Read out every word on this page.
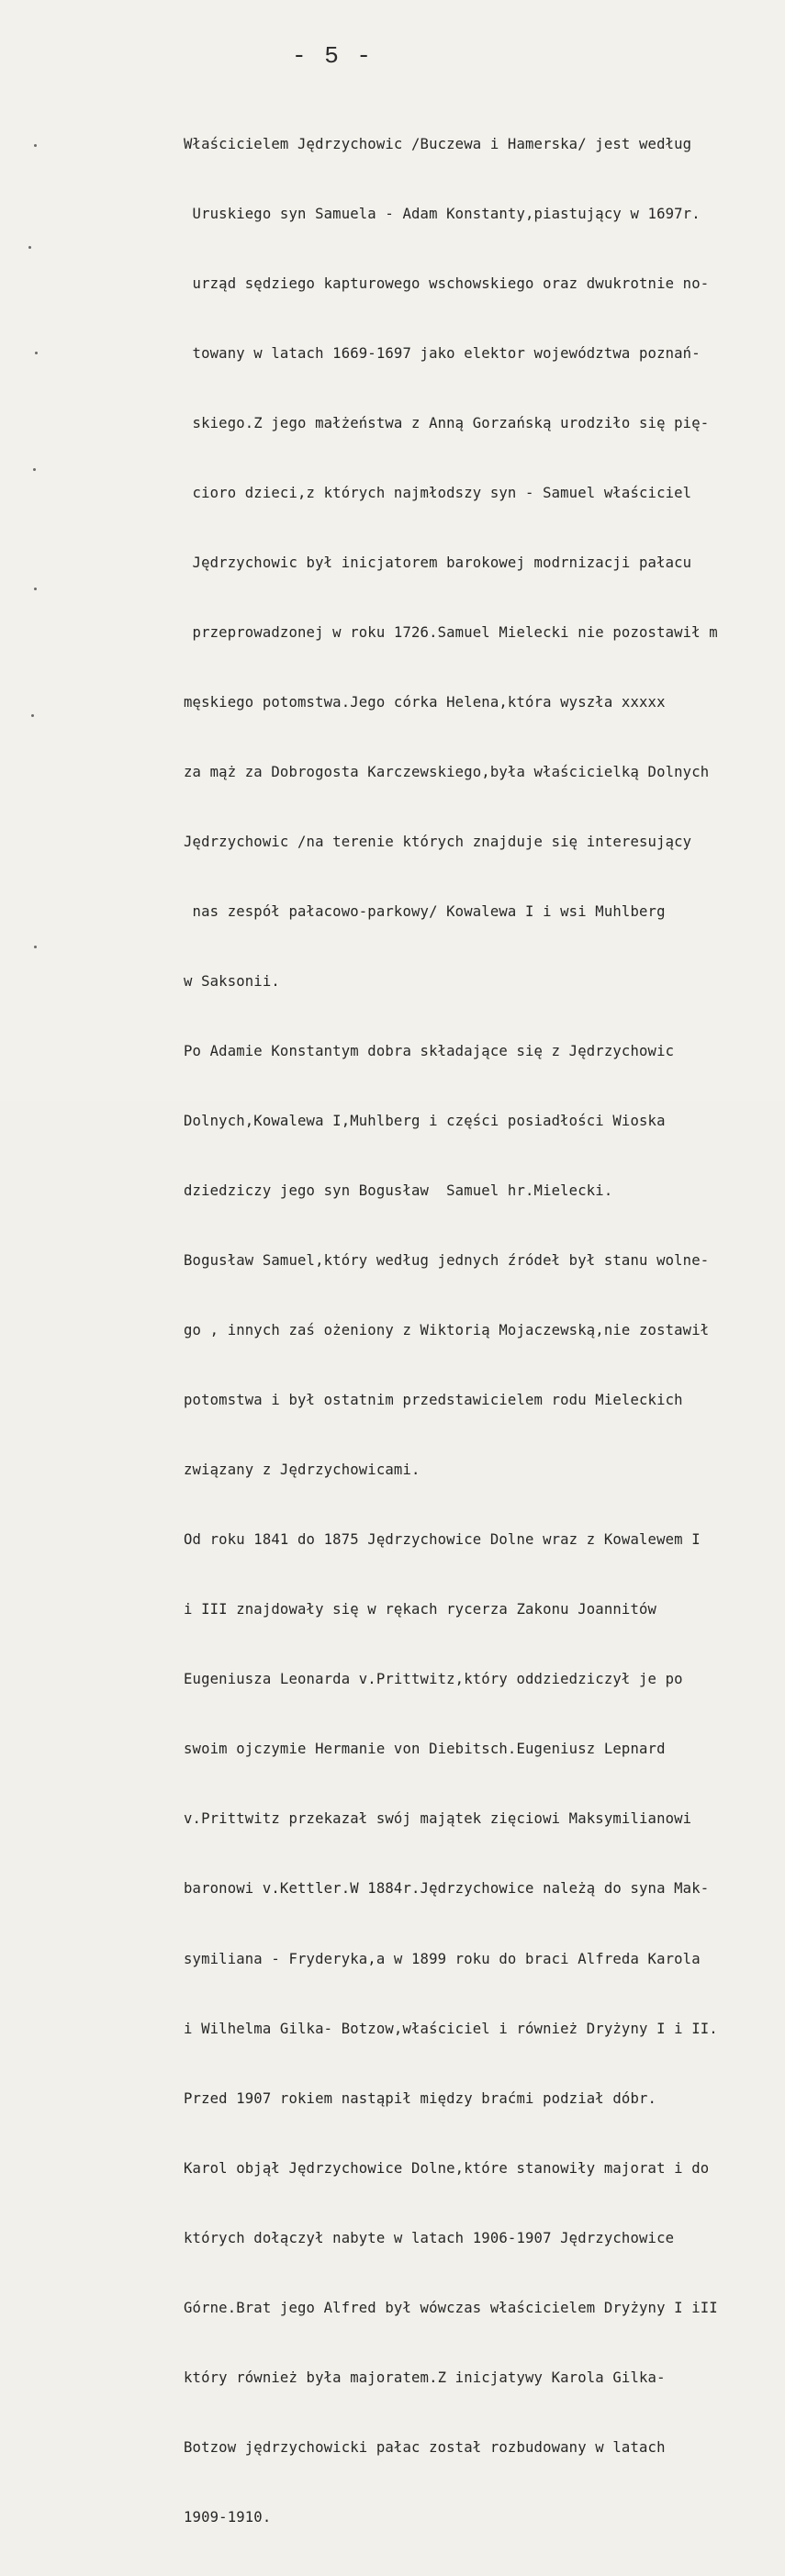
- 5 -

Właścicielem Jędrzychowic /Buczewa i Hamerska/ jest według

Uruskiego syn Samuela - Adam Konstanty,piastujący w 1697r.

urząd sędziego kapturowego wschowskiego oraz dwukrotnie no-

towany w latach 1669-1697 jako elektor województwa poznań-

skiego.Z jego małżeństwa z Anną Gorzańską urodziło się pię-

cioro dzieci,z których najmłodszy syn - Samuel właściciel

Jędrzychowic był inicjatorem barokowej modrnizacji pałacu

przeprowadzonej w roku 1726.Samuel Mielecki nie pozostawił m

męskiego potomstwa.Jego córka Helena,która wyszła xxxxx

za mąż za Dobrogosta Karczewskiego,była właścicielką Dolnych

Jędrzychowic /na terenie których znajduje się interesujący

nas zespół pałacowo-parkowy/ Kowalewa I i wsi Muhlberg

w Saksonii.

Po Adamie Konstantym dobra składające się z Jędrzychowic

Dolnych,Kowalewa I,Muhlberg i części posiadłości Wioska

dziedziczy jego syn Bogusław  Samuel hr.Mielecki.

Bogusław Samuel,który według jednych źródeł był stanu wolne-

go , innych zaś ożeniony z Wiktorią Mojaczewską,nie zostawił

potomstwa i był ostatnim przedstawicielem rodu Mieleckich

związany z Jędrzychowicami.

Od roku 1841 do 1875 Jędrzychowice Dolne wraz z Kowalewem I

i III znajdowały się w rękach rycerza Zakonu Joannitów

Eugeniusza Leonarda v.Prittwitz,który oddziedziczył je po

swoim ojczymie Hermanie von Diebitsch.Eugeniusz Lepnard

v.Prittwitz przekazał swój majątek zięciowi Maksymilianowi

baronowi v.Kettler.W 1884r.Jędrzychowice należą do syna Mak-

symiliana - Fryderyka,a w 1899 roku do braci Alfreda Karola

i Wilhelma Gilka- Botzow,właściciel i również Dryżyny I i II.

Przed 1907 rokiem nastąpił między braćmi podział dóbr.

Karol objął Jędrzychowice Dolne,które stanowiły majorat i do

których dołączył nabyte w latach 1906-1907 Jędrzychowice

Górne.Brat jego Alfred był wówczas właścicielem Dryżyny I iII

który również była majoratem.Z inicjatywy Karola Gilka-

Botzow jędrzychowicki pałac został rozbudowany w latach

1909-1910.
